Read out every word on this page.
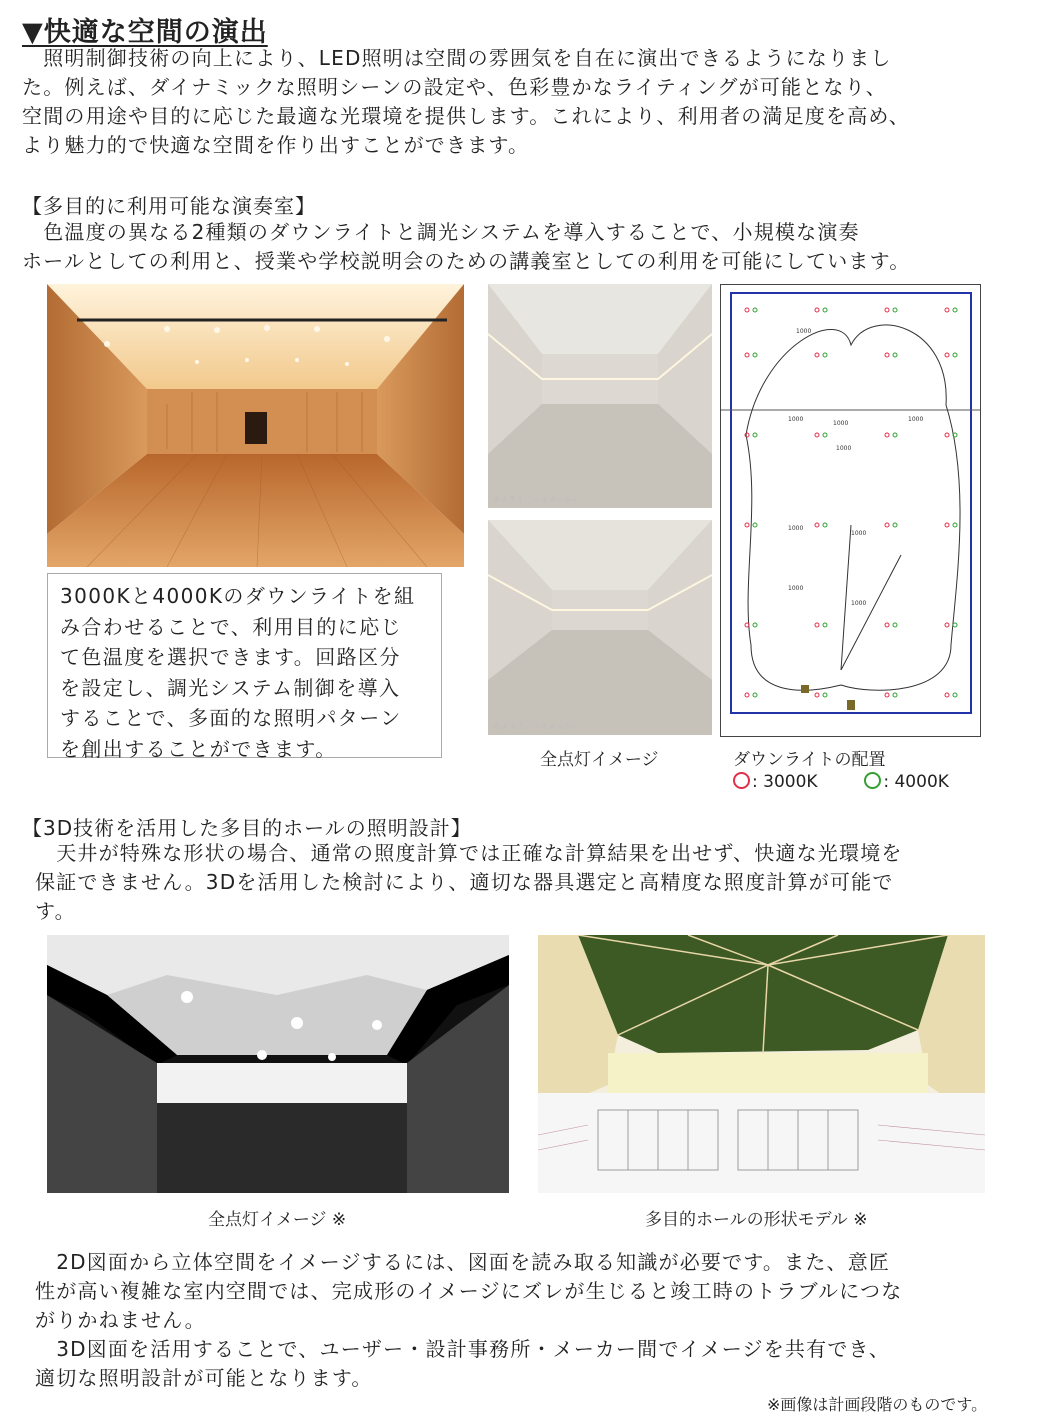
▼快適な空間の演出
　照明制御技術の向上により、LED照明は空間の雰囲気を自在に演出できるようになりまし
た。例えば、ダイナミックな照明シーンの設定や、色彩豊かなライティングが可能となり、
空間の用途や目的に応じた最適な光環境を提供します。これにより、利用者の満足度を高め、
より魅力的で快適な空間を作り出すことができます。
【多目的に利用可能な演奏室】
　色温度の異なる2種類のダウンライトと調光システムを導入することで、小規模な演奏
ホールとしての利用と、授業や学校説明会のための講義室としての利用を可能にしています。
カメラ１　ーイメージー
カメラ２　ーイメージー
1000
1000
1000
1000
1000
1000
1000
1000
1000
3000Kと4000Kのダウンライトを組
み合わせることで、利用目的に応じ
て色温度を選択できます。回路区分
を設定し、調光システム制御を導入
することで、多面的な照明パターン
を創出することができます。	全点灯イメージ	ダウンライトの配置
: 3000K	: 4000K
【3D技術を活用した多目的ホールの照明設計】
　天井が特殊な形状の場合、通常の照度計算では正確な計算結果を出せず、快適な光環境を
保証できません。3Dを活用した検討により、適切な器具選定と高精度な照度計算が可能で
す。
全点灯イメージ ※	多目的ホールの形状モデル ※
　2D図面から立体空間をイメージするには、図面を読み取る知識が必要です。また、意匠
性が高い複雑な室内空間では、完成形のイメージにズレが生じると竣工時のトラブルにつな
がりかねません。
　3D図面を活用することで、ユーザー・設計事務所・メーカー間でイメージを共有でき、
適切な照明設計が可能となります。
※画像は計画段階のものです。
